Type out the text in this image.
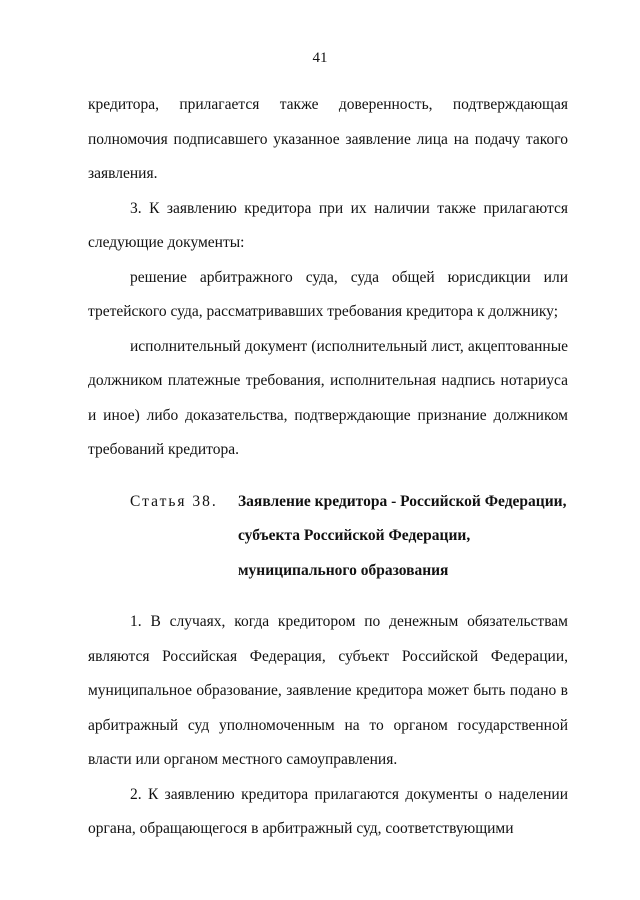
41

кредитора, прилагается также доверенность, подтверждающая полномочия подписавшего указанное заявление лица на подачу такого заявления.

3. К заявлению кредитора при их наличии также прилагаются следующие документы:

решение арбитражного суда, суда общей юрисдикции или третейского суда, рассматривавших требования кредитора к должнику;

исполнительный документ (исполнительный лист, акцептованные должником платежные требования, исполнительная надпись нотариуса и иное) либо доказательства, подтверждающие признание должником требований кредитора.

Статья 38.	Заявление кредитора - Российской Федерации,
субъекта Российской Федерации,
муниципального образования

1. В случаях, когда кредитором по денежным обязательствам являются Российская Федерация, субъект Российской Федерации, муниципальное образование, заявление кредитора может быть подано в арбитражный суд уполномоченным на то органом государственной власти или органом местного самоуправления.

2. К заявлению кредитора прилагаются документы о наделении органа, обращающегося в арбитражный суд, соответствующими
